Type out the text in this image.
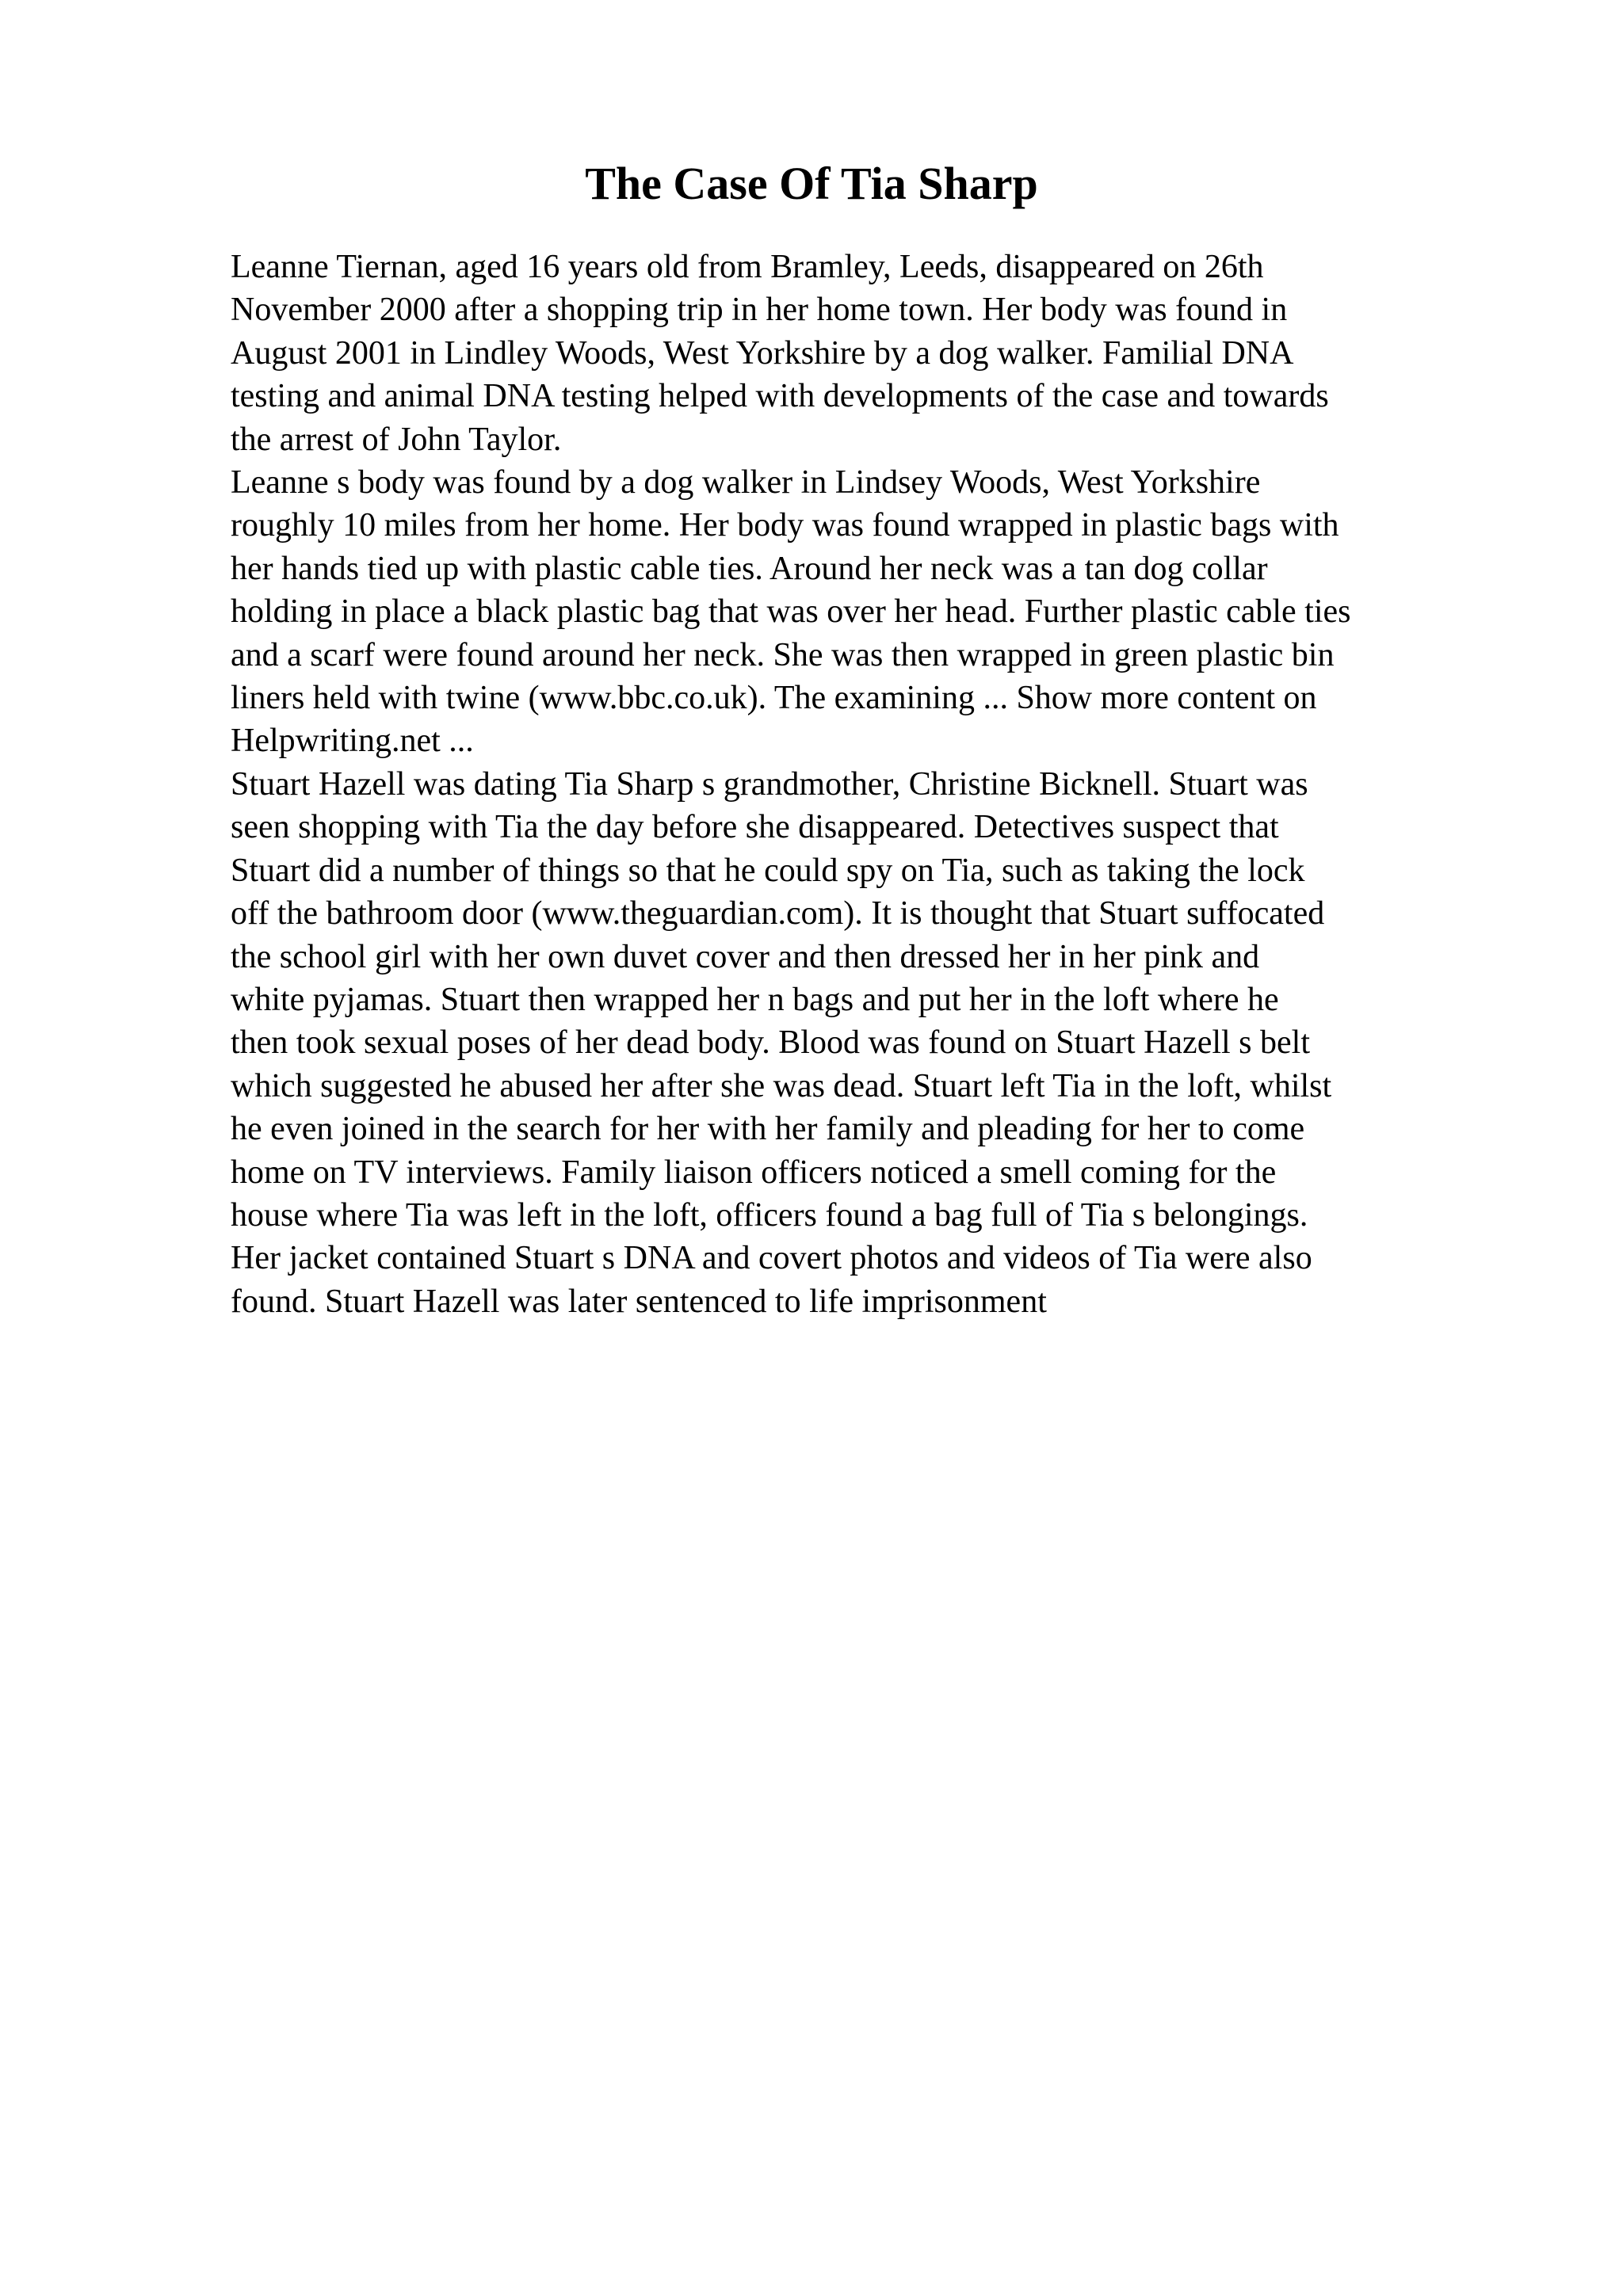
The Case Of Tia Sharp
Leanne Tiernan, aged 16 years old from Bramley, Leeds, disappeared on 26th
November 2000 after a shopping trip in her home town. Her body was found in
August 2001 in Lindley Woods, West Yorkshire by a dog walker. Familial DNA
testing and animal DNA testing helped with developments of the case and towards
the arrest of John Taylor.
Leanne s body was found by a dog walker in Lindsey Woods, West Yorkshire
roughly 10 miles from her home. Her body was found wrapped in plastic bags with
her hands tied up with plastic cable ties. Around her neck was a tan dog collar
holding in place a black plastic bag that was over her head. Further plastic cable ties
and a scarf were found around her neck. She was then wrapped in green plastic bin
liners held with twine (www.bbc.co.uk). The examining ... Show more content on
Helpwriting.net ...
Stuart Hazell was dating Tia Sharp s grandmother, Christine Bicknell. Stuart was
seen shopping with Tia the day before she disappeared. Detectives suspect that
Stuart did a number of things so that he could spy on Tia, such as taking the lock
off the bathroom door (www.theguardian.com). It is thought that Stuart suffocated
the school girl with her own duvet cover and then dressed her in her pink and
white pyjamas. Stuart then wrapped her n bags and put her in the loft where he
then took sexual poses of her dead body. Blood was found on Stuart Hazell s belt
which suggested he abused her after she was dead. Stuart left Tia in the loft, whilst
he even joined in the search for her with her family and pleading for her to come
home on TV interviews. Family liaison officers noticed a smell coming for the
house where Tia was left in the loft, officers found a bag full of Tia s belongings.
Her jacket contained Stuart s DNA and covert photos and videos of Tia were also
found. Stuart Hazell was later sentenced to life imprisonment
